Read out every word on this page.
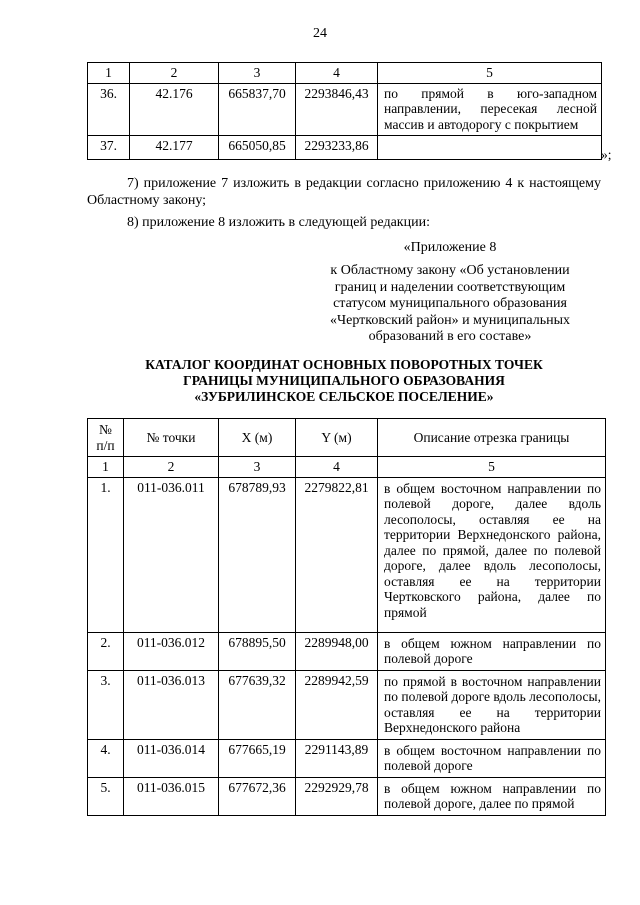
24
1	2	3	4	5
36.	42.176	665837,70	2293846,43	по прямой в юго-западном направлении, пересекая лесной массив и автодорогу с покрытием
37.	42.177	665050,85	2293233,86	
»;
7) приложение 7 изложить в редакции согласно приложению 4 к настоящему Областному закону;
8) приложение 8 изложить в следующей редакции:
«Приложение 8
к Областному закону «Об установлении
границ и наделении соответствующим
статусом муниципального образования
«Чертковский район» и муниципальных
образований в его составе»
КАТАЛОГ КООРДИНАТ ОСНОВНЫХ ПОВОРОТНЫХ ТОЧЕК
ГРАНИЦЫ МУНИЦИПАЛЬНОГО ОБРАЗОВАНИЯ
«ЗУБРИЛИНСКОЕ СЕЛЬСКОЕ ПОСЕЛЕНИЕ»
№
п/п	№ точки	X (м)	Y (м)	Описание отрезка границы
1	2	3	4	5
1.	011-036.011	678789,93	2279822,81	в общем восточном направлении по полевой дороге, далее вдоль лесополосы, оставляя ее на территории Верхнедонского района, далее по прямой, далее по полевой дороге, далее вдоль лесополосы, оставляя ее на территории Чертковского района, далее по прямой
2.	011-036.012	678895,50	2289948,00	в общем южном направлении по полевой дороге
3.	011-036.013	677639,32	2289942,59	по прямой в восточном направлении по полевой дороге вдоль лесополосы, оставляя ее на территории Верхнедонского района
4.	011-036.014	677665,19	2291143,89	в общем восточном направлении по полевой дороге
5.	011-036.015	677672,36	2292929,78	в общем южном направлении по полевой дороге, далее по прямой
